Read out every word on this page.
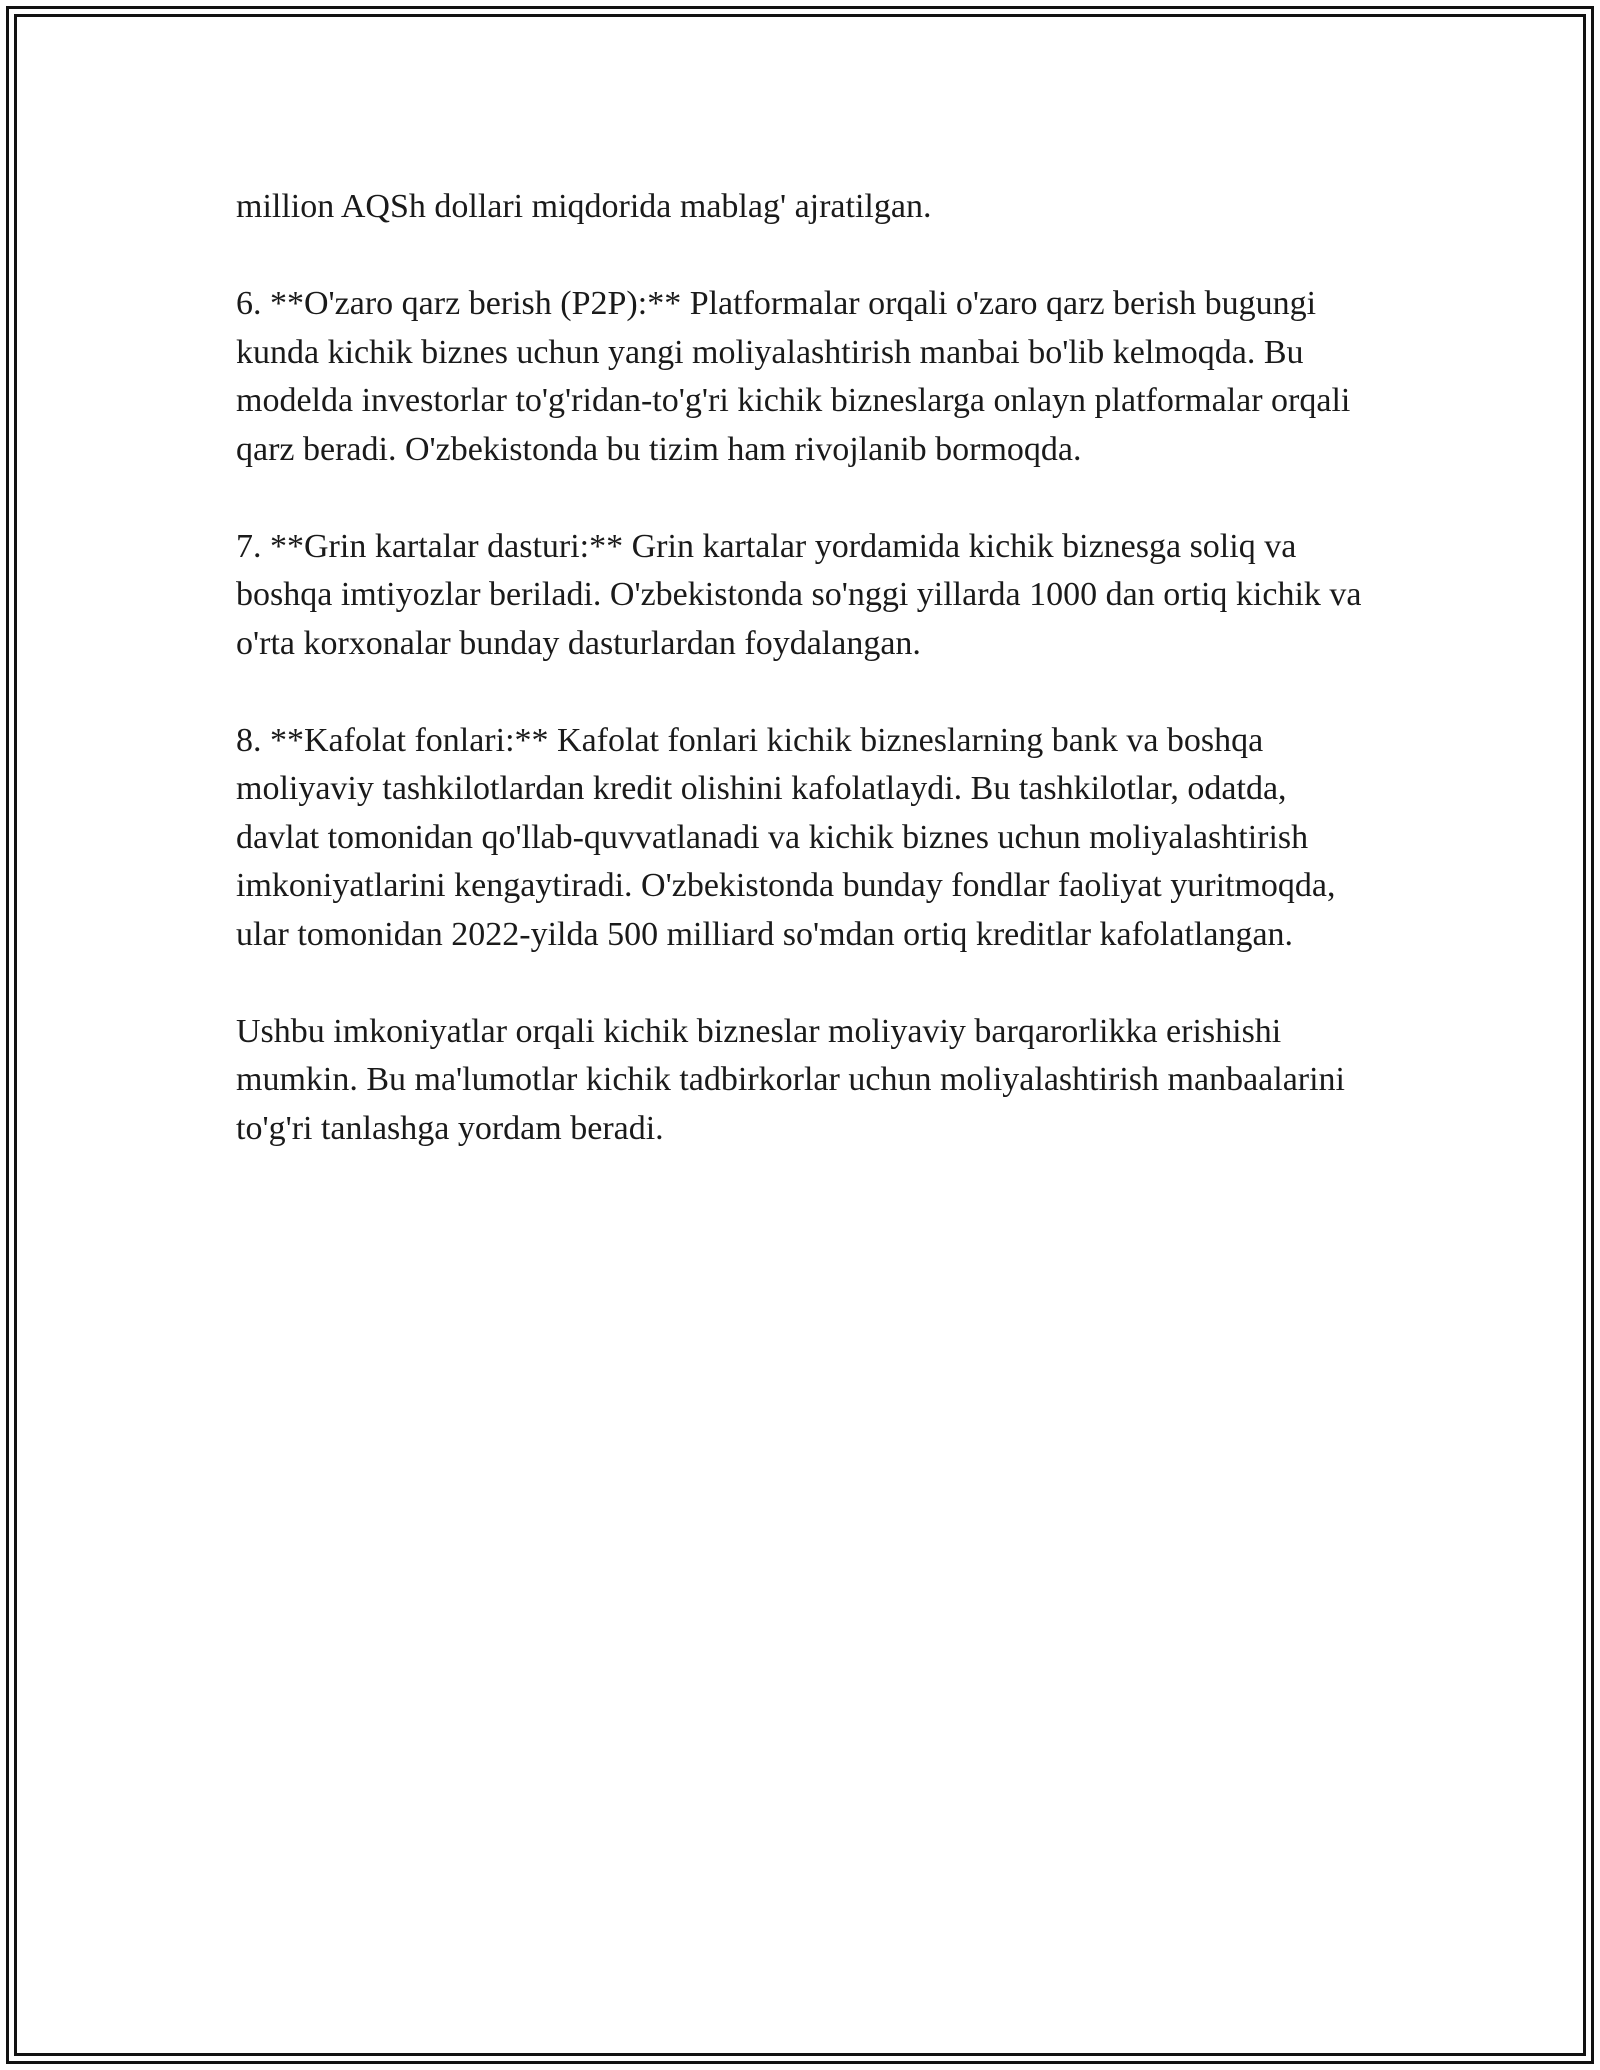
million AQSh dollari miqdorida mablag' ajratilgan.

6. **O'zaro qarz berish (P2P):** Platformalar orqali o'zaro qarz berish bugungi kunda kichik biznes uchun yangi moliyalashtirish manbai bo'lib kelmoqda. Bu modelda investorlar to'g'ridan-to'g'ri kichik bizneslarga onlayn platformalar orqali qarz beradi. O'zbekistonda bu tizim ham rivojlanib bormoqda.

7. **Grin kartalar dasturi:** Grin kartalar yordamida kichik biznesga soliq va boshqa imtiyozlar beriladi. O'zbekistonda so'nggi yillarda 1000 dan ortiq kichik va o'rta korxonalar bunday dasturlardan foydalangan.

8. **Kafolat fonlari:** Kafolat fonlari kichik bizneslarning bank va boshqa moliyaviy tashkilotlardan kredit olishini kafolatlaydi. Bu tashkilotlar, odatda, davlat tomonidan qo'llab-quvvatlanadi va kichik biznes uchun moliyalashtirish imkoniyatlarini kengaytiradi. O'zbekistonda bunday fondlar faoliyat yuritmoqda, ular tomonidan 2022-yilda 500 milliard so'mdan ortiq kreditlar kafolatlangan.

Ushbu imkoniyatlar orqali kichik bizneslar moliyaviy barqarorlikka erishishi mumkin. Bu ma'lumotlar kichik tadbirkorlar uchun moliyalashtirish manbaalarini to'g'ri tanlashga yordam beradi.
